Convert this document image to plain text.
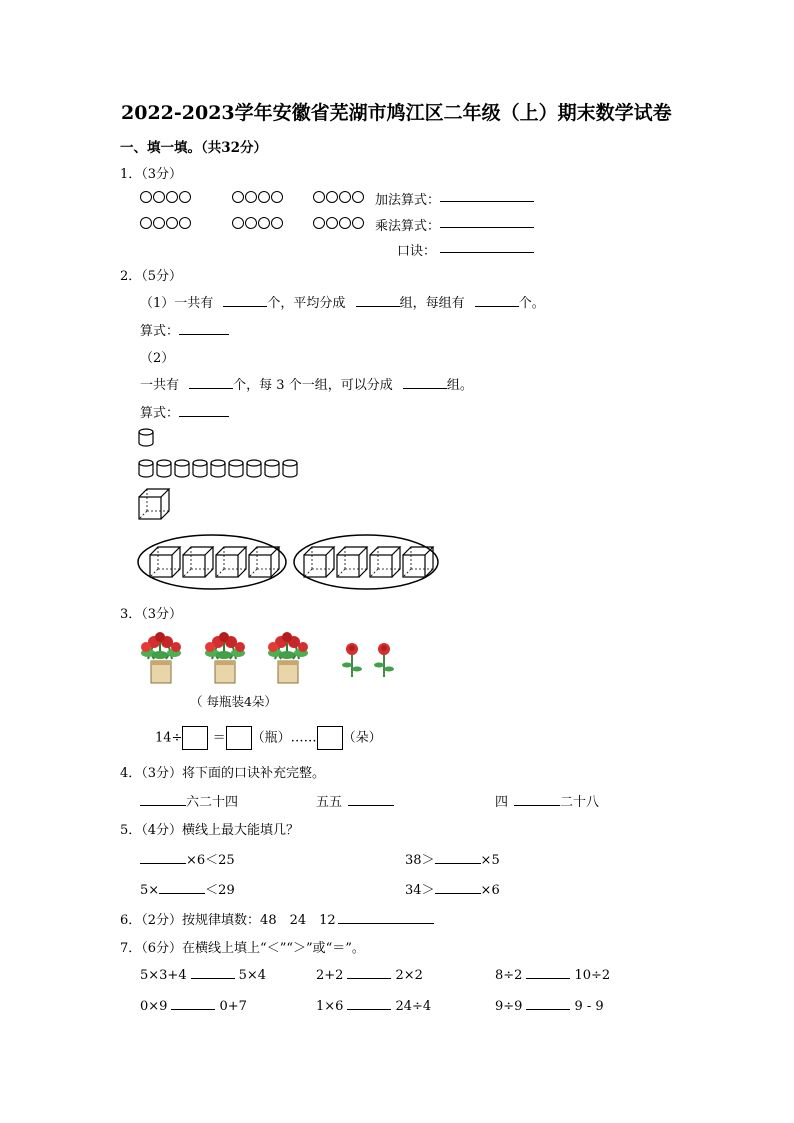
2022-2023学年安徽省芜湖市鸠江区二年级（上）期末数学试卷
一、填一填。（共32分）
1．（3分）
加法算式：
乘法算式：
口诀：
2．（5分）
（1）一共有	个，平均分成	组，每组有	个。
算式：
（2）
一共有	个，每 3 个一组，可以分成	组。
算式：
3．（3分）
（ 每瓶装4朵）
14÷ ＝ （瓶）…… （朵）
4．（3分）将下面的口诀补充完整。
六二十四	五五	四	二十八
5．（4分）横线上最大能填几？
×6＜25	38＞	×5
5×	＜29	34＞	×6
6．（2分）按规律填数：48　24　12
7．（6分）在横线上填上“＜”“＞”或“＝”。
5×3+4	5×4	2+2	2×2	8÷2	10÷2
0×9	0+7	1×6	24÷4	9÷9	9 - 9
